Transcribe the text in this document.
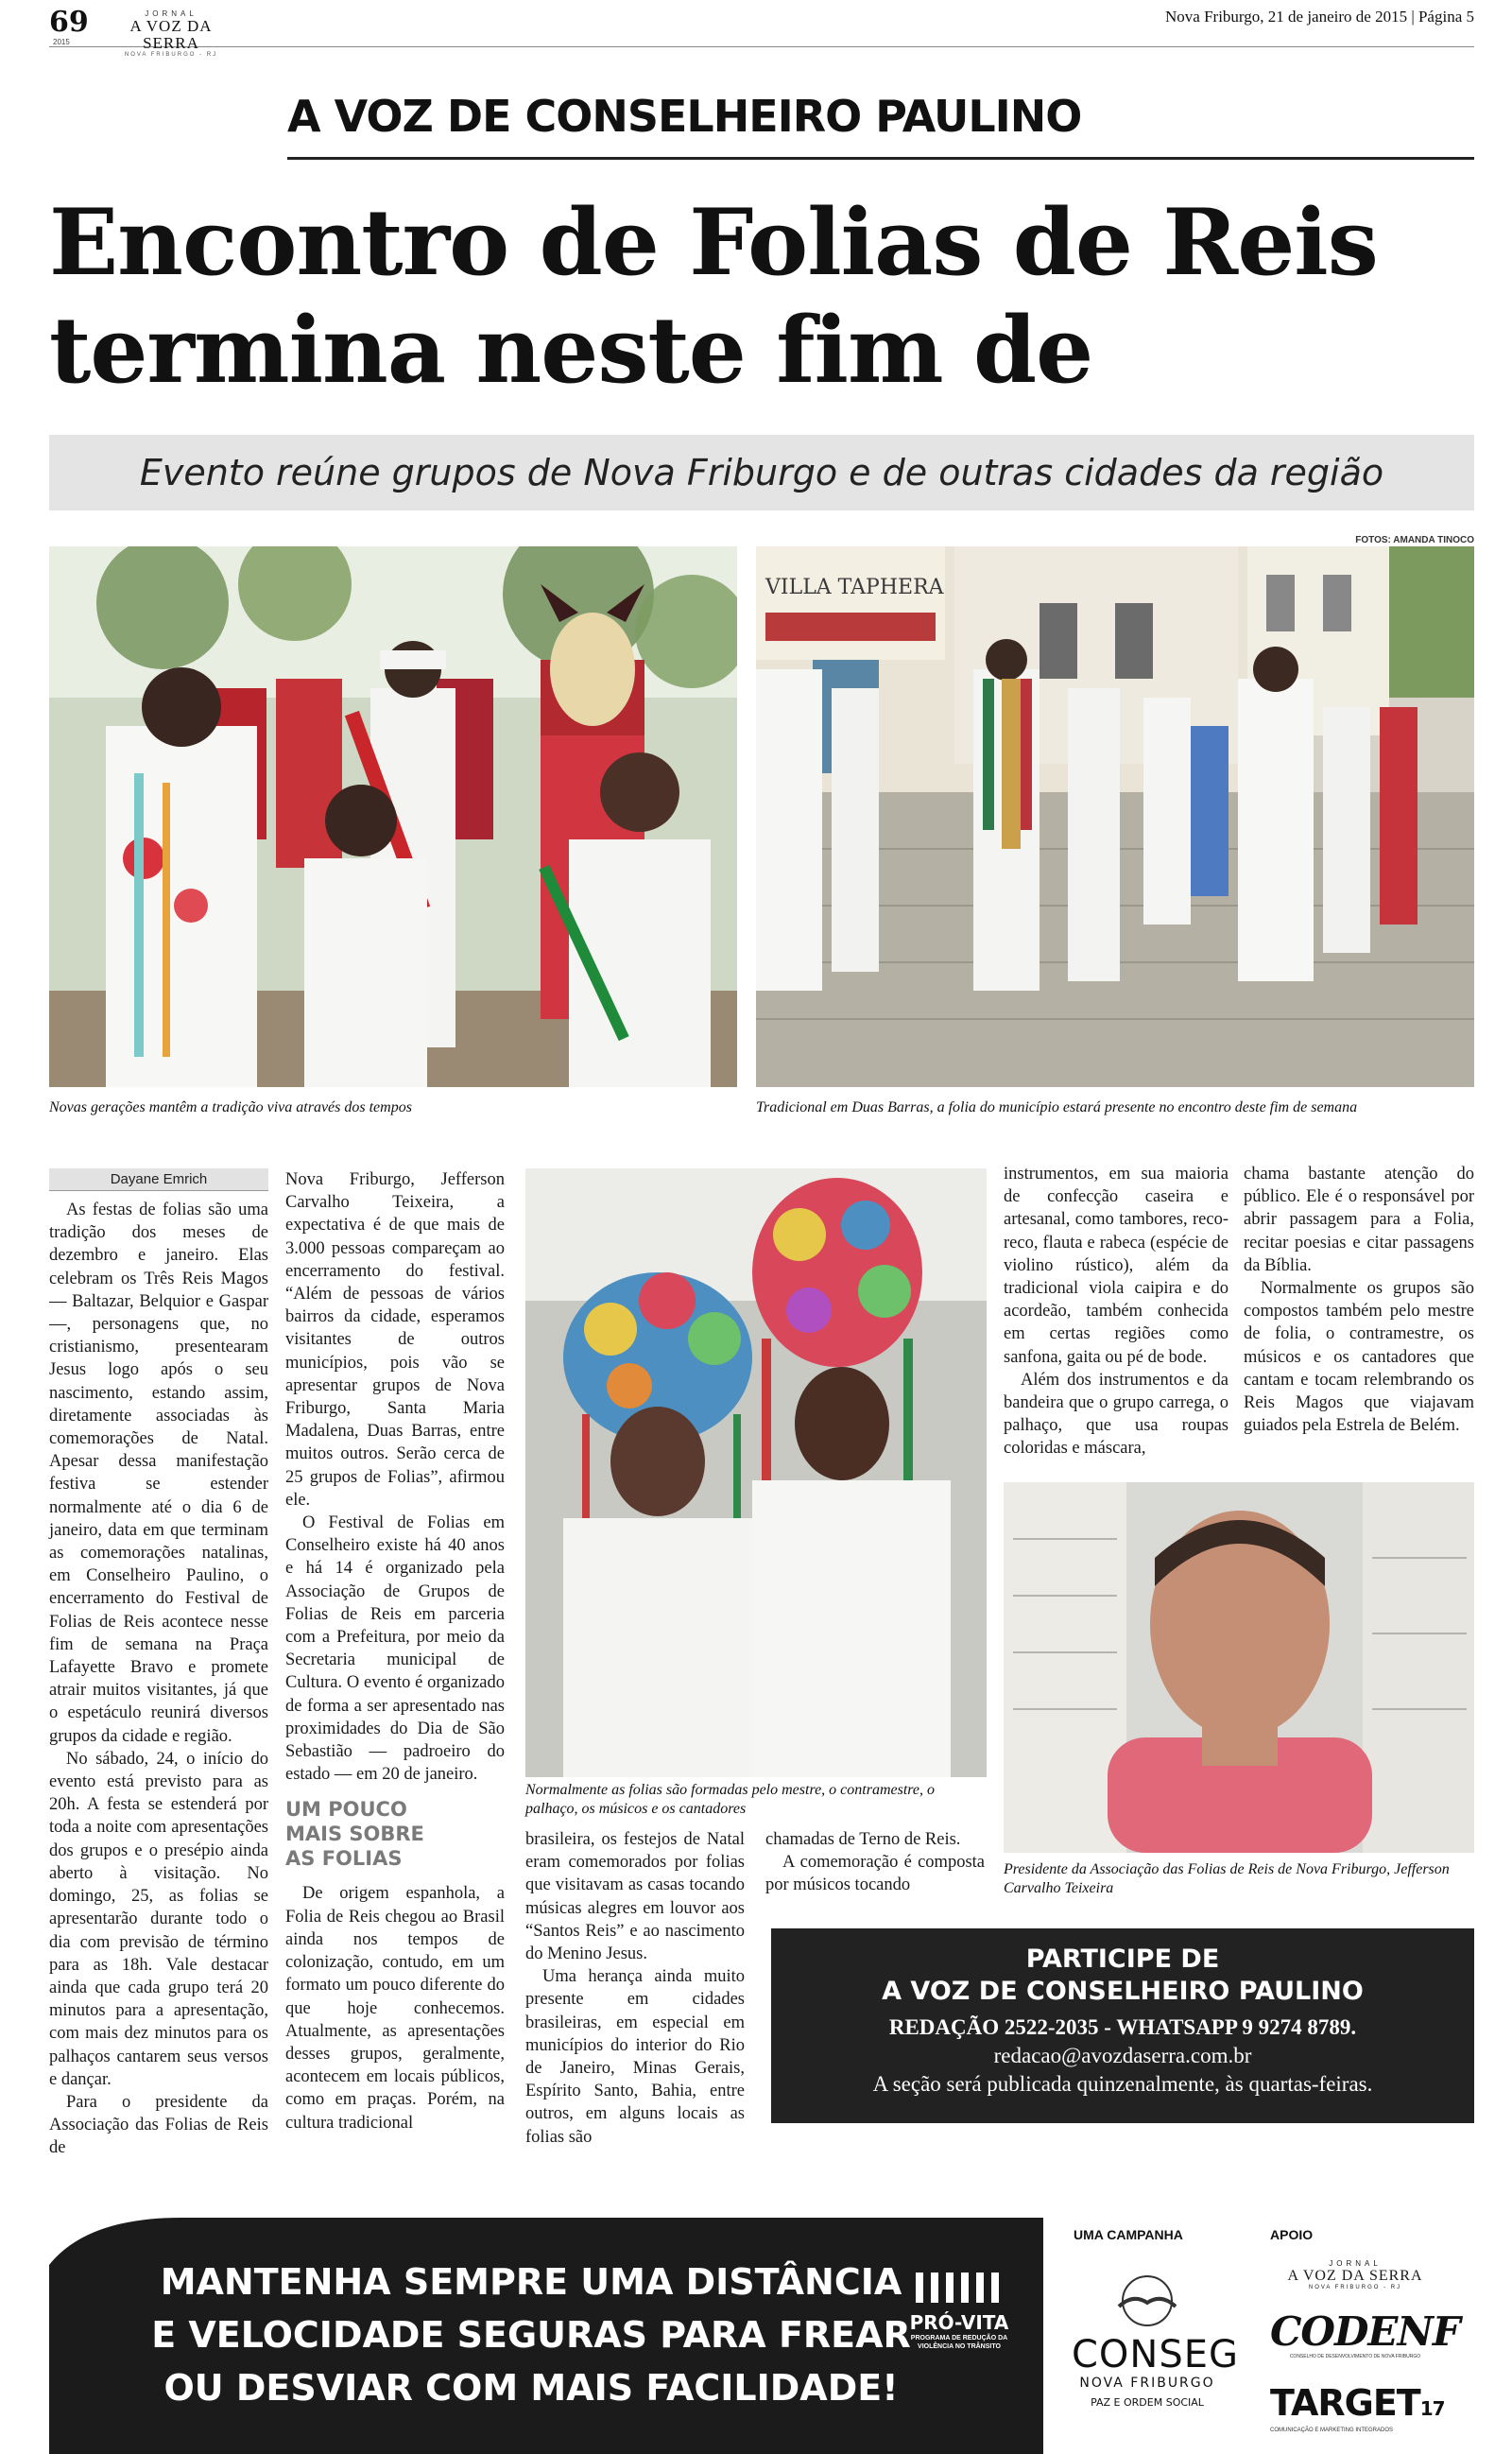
69
2015
JORNAL
A VOZ DA SERRA
NOVA FRIBURGO - RJ
Nova Friburgo, 21 de janeiro de 2015 | Página 5
A VOZ DE CONSELHEIRO PAULINO
Encontro de Folias de Reis
termina neste fim de
Evento reúne grupos de Nova Friburgo e de outras cidades da região
FOTOS: AMANDA TINOCO
Novas gerações mantêm a tradição viva através dos tempos
VILLA TAPHERA
Tradicional em Duas Barras, a folia do município estará presente no encontro deste fim de semana
Dayane Emrich

As festas de folias são uma tradição dos meses de dezembro e janeiro. Elas celebram os Três Reis Magos — Baltazar, Belquior e Gaspar —, personagens que, no cristianismo, presentearam Jesus logo após o seu nascimento, estando assim, diretamente associadas às comemorações de Natal. Apesar dessa manifestação festiva se estender normalmente até o dia 6 de janeiro, data em que terminam as comemorações natalinas, em Conselheiro Paulino, o encerramento do Festival de Folias de Reis acontece nesse fim de semana na Praça Lafayette Bravo e promete atrair muitos visitantes, já que o espetáculo reunirá diversos grupos da cidade e região.

No sábado, 24, o início do evento está previsto para as 20h. A festa se estenderá por toda a noite com apresentações dos grupos e o presépio ainda aberto à visitação. No domingo, 25, as folias se apresentarão durante todo o dia com previsão de término para as 18h. Vale destacar ainda que cada grupo terá 20 minutos para a apresentação, com mais dez minutos para os palhaços cantarem seus versos e dançar.

Para o presidente da Associação das Folias de Reis de

Nova Friburgo, Jefferson Carvalho Teixeira, a expectativa é de que mais de 3.000 pessoas compareçam ao encerramento do festival. “Além de pessoas de vários bairros da cidade, esperamos visitantes de outros municípios, pois vão se apresentar grupos de Nova Friburgo, Santa Maria Madalena, Duas Barras, entre muitos outros. Serão cerca de 25 grupos de Folias”, afirmou ele.

O Festival de Folias em Conselheiro existe há 40 anos e há 14 é organizado pela Associação de Grupos de Folias de Reis em parceria com a Prefeitura, por meio da Secretaria municipal de Cultura. O evento é organizado de forma a ser apresentado nas proximidades do Dia de São Sebastião — padroeiro do estado — em 20 de janeiro.

UM POUCO
MAIS SOBRE
AS FOLIAS

De origem espanhola, a Folia de Reis chegou ao Brasil ainda nos tempos de colonização, contudo, em um formato um pouco diferente do que hoje conhecemos. Atualmente, as apresentações desses grupos, geralmente, acontecem em locais públicos, como em praças. Porém, na cultura tradicional

Normalmente as folias são formadas pelo mestre, o contramestre, o palhaço, os músicos e os cantadores

brasileira, os festejos de Natal eram comemorados por folias que visitavam as casas tocando músicas alegres em louvor aos “Santos Reis” e ao nascimento do Menino Jesus.

Uma herança ainda muito presente em cidades brasileiras, em especial em municípios do interior do Rio de Janeiro, Minas Gerais, Espírito Santo, Bahia, entre outros, em alguns locais as folias são

chamadas de Terno de Reis.

A comemoração é composta por músicos tocando

instrumentos, em sua maioria de confecção caseira e artesanal, como tambores, reco-reco, flauta e rabeca (espécie de violino rústico), além da tradicional viola caipira e do acordeão, também conhecida em certas regiões como sanfona, gaita ou pé de bode.

Além dos instrumentos e da bandeira que o grupo carrega, o palhaço, que usa roupas coloridas e máscara,

chama bastante atenção do público. Ele é o responsável por abrir passagem para a Folia, recitar poesias e citar passagens da Bíblia.

Normalmente os grupos são compostos também pelo mestre de folia, o contramestre, os músicos e os cantadores que cantam e tocam relembrando os Reis Magos que viajavam guiados pela Estrela de Belém.

Presidente da Associação das Folias de Reis de Nova Friburgo, Jefferson Carvalho Teixeira
PARTICIPE DE
A VOZ DE CONSELHEIRO PAULINO
REDAÇÃO 2522-2035 - WHATSAPP 9 9274 8789.
redacao@avozdaserra.com.br
A seção será publicada quinzenalmente, às quartas-feiras.
MANTENHA SEMPRE UMA DISTÂNCIA
E VELOCIDADE SEGURAS PARA FREAR
OU DESVIAR COM MAIS FACILIDADE!
PRÓ-VITA
PROGRAMA DE REDUÇÃO DA VIOLÊNCIA NO TRÂNSITO
UMA CAMPANHA	APOIO
CONSEG
NOVA FRIBURGO
PAZ E ORDEM SOCIAL
JORNAL
A VOZ DA SERRA
NOVA FRIBURGO - RJ
CODENF
CONSELHO DE DESENVOLVIMENTO DE NOVA FRIBURGO
TARGET17
COMUNICAÇÃO E MARKETING INTEGRADOS
